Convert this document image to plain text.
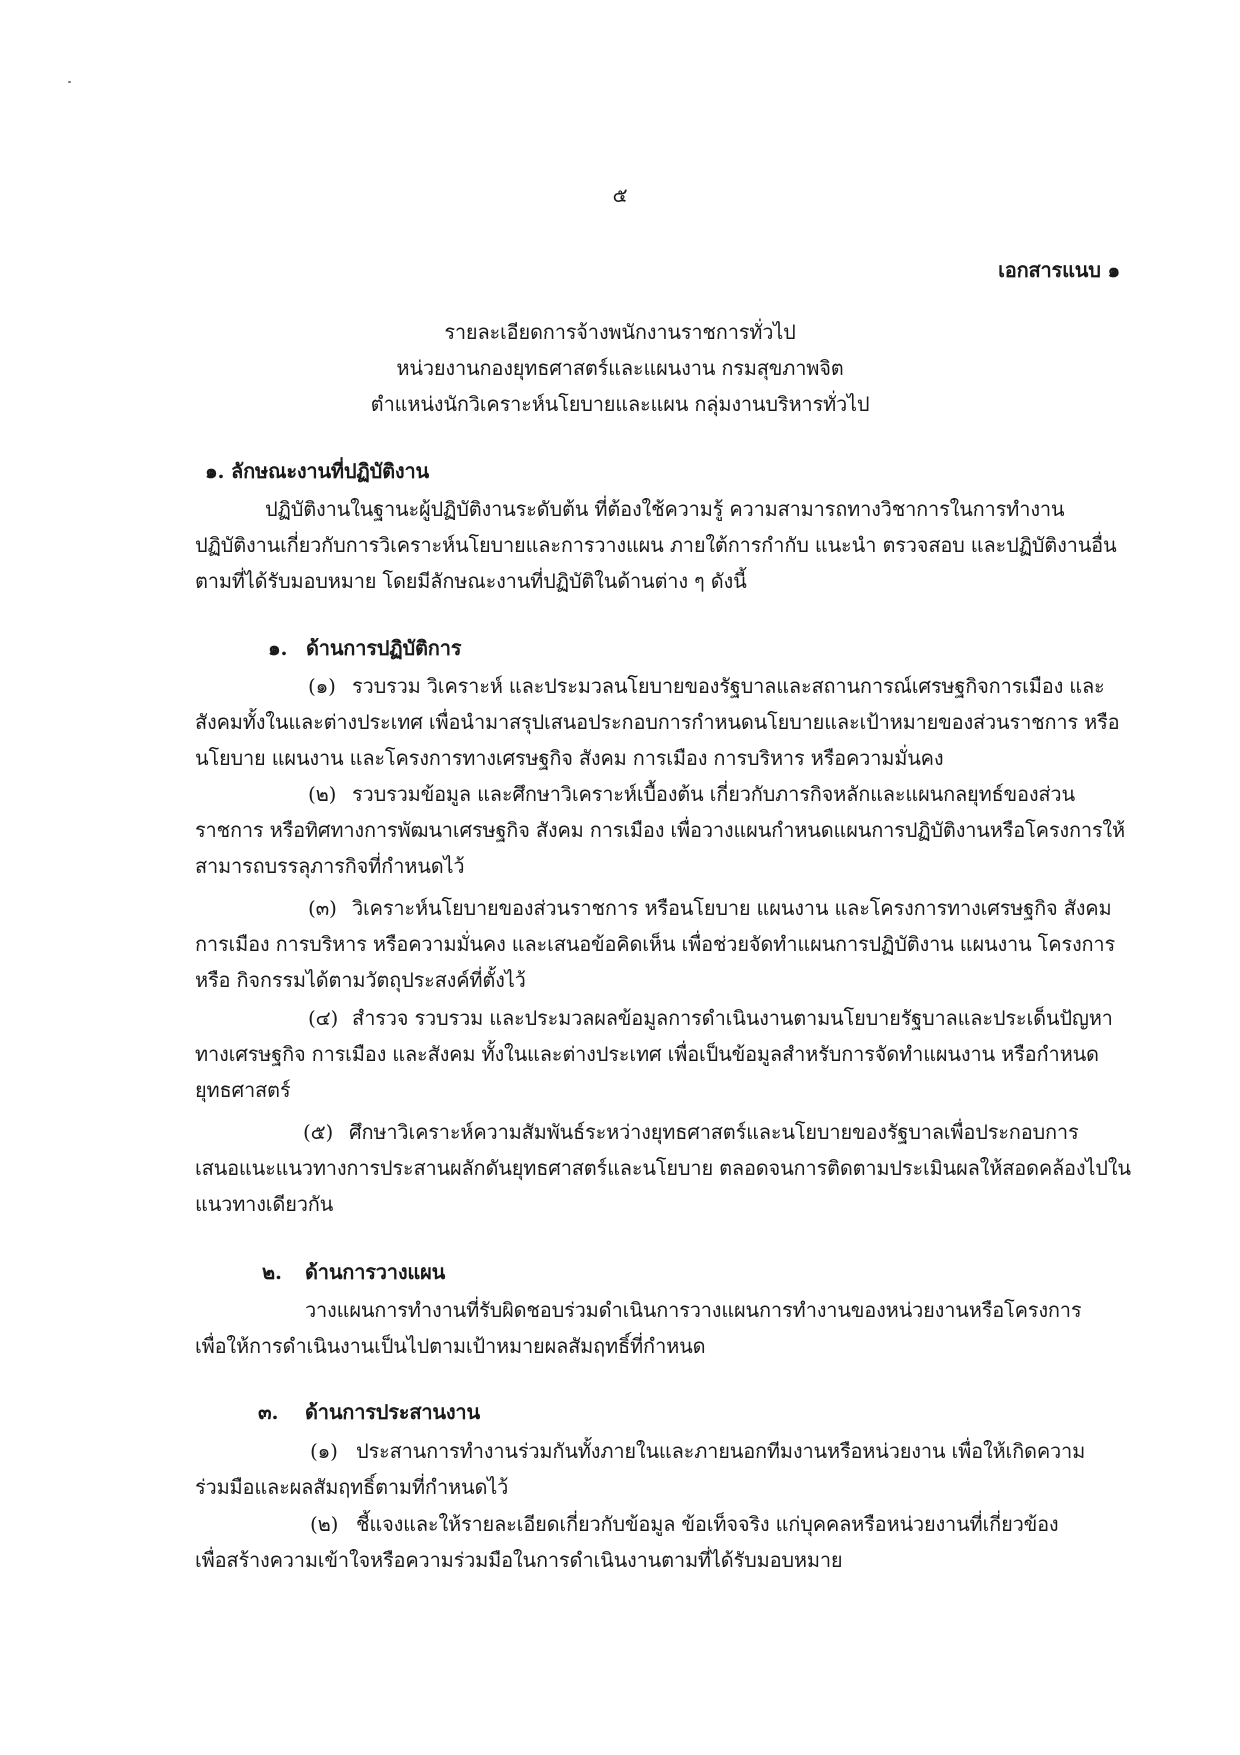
๕
เอกสารแนบ ๑
รายละเอียดการจ้างพนักงานราชการทั่วไป
หน่วยงานกองยุทธศาสตร์และแผนงาน กรมสุขภาพจิต
ตำแหน่งนักวิเคราะห์นโยบายและแผน กลุ่มงานบริหารทั่วไป
๑. ลักษณะงานที่ปฏิบัติงาน
ปฏิบัติงานในฐานะผู้ปฏิบัติงานระดับต้น ที่ต้องใช้ความรู้ ความสามารถทางวิชาการในการทำงาน
ปฏิบัติงานเกี่ยวกับการวิเคราะห์นโยบายและการวางแผน ภายใต้การกำกับ แนะนำ ตรวจสอบ และปฏิบัติงานอื่น
ตามที่ได้รับมอบหมาย โดยมีลักษณะงานที่ปฏิบัติในด้านต่าง ๆ ดังนี้
๑. ด้านการปฏิบัติการ
(๑) รวบรวม วิเคราะห์ และประมวลนโยบายของรัฐบาลและสถานการณ์เศรษฐกิจการเมือง และ
สังคมทั้งในและต่างประเทศ เพื่อนำมาสรุปเสนอประกอบการกำหนดนโยบายและเป้าหมายของส่วนราชการ หรือ
นโยบาย แผนงาน และโครงการทางเศรษฐกิจ สังคม การเมือง การบริหาร หรือความมั่นคง
(๒) รวบรวมข้อมูล และศึกษาวิเคราะห์เบื้องต้น เกี่ยวกับภารกิจหลักและแผนกลยุทธ์ของส่วน
ราชการ หรือทิศทางการพัฒนาเศรษฐกิจ สังคม การเมือง เพื่อวางแผนกำหนดแผนการปฏิบัติงานหรือโครงการให้
สามารถบรรลุภารกิจที่กำหนดไว้
(๓) วิเคราะห์นโยบายของส่วนราชการ หรือนโยบาย แผนงาน และโครงการทางเศรษฐกิจ สังคม
การเมือง การบริหาร หรือความมั่นคง และเสนอข้อคิดเห็น เพื่อช่วยจัดทำแผนการปฏิบัติงาน แผนงาน โครงการ
หรือ กิจกรรมได้ตามวัตถุประสงค์ที่ตั้งไว้
(๔) สำรวจ รวบรวม และประมวลผลข้อมูลการดำเนินงานตามนโยบายรัฐบาลและประเด็นปัญหา
ทางเศรษฐกิจ การเมือง และสังคม ทั้งในและต่างประเทศ เพื่อเป็นข้อมูลสำหรับการจัดทำแผนงาน หรือกำหนด
ยุทธศาสตร์
(๕) ศึกษาวิเคราะห์ความสัมพันธ์ระหว่างยุทธศาสตร์และนโยบายของรัฐบาลเพื่อประกอบการ
เสนอแนะแนวทางการประสานผลักดันยุทธศาสตร์และนโยบาย ตลอดจนการติดตามประเมินผลให้สอดคล้องไปใน
แนวทางเดียวกัน
๒. ด้านการวางแผน
วางแผนการทำงานที่รับผิดชอบร่วมดำเนินการวางแผนการทำงานของหน่วยงานหรือโครงการ
เพื่อให้การดำเนินงานเป็นไปตามเป้าหมายผลสัมฤทธิ์ที่กำหนด
๓. ด้านการประสานงาน
(๑) ประสานการทำงานร่วมกันทั้งภายในและภายนอกทีมงานหรือหน่วยงาน เพื่อให้เกิดความ
ร่วมมือและผลสัมฤทธิ์ตามที่กำหนดไว้
(๒) ชี้แจงและให้รายละเอียดเกี่ยวกับข้อมูล ข้อเท็จจริง แก่บุคคลหรือหน่วยงานที่เกี่ยวข้อง
เพื่อสร้างความเข้าใจหรือความร่วมมือในการดำเนินงานตามที่ได้รับมอบหมาย
